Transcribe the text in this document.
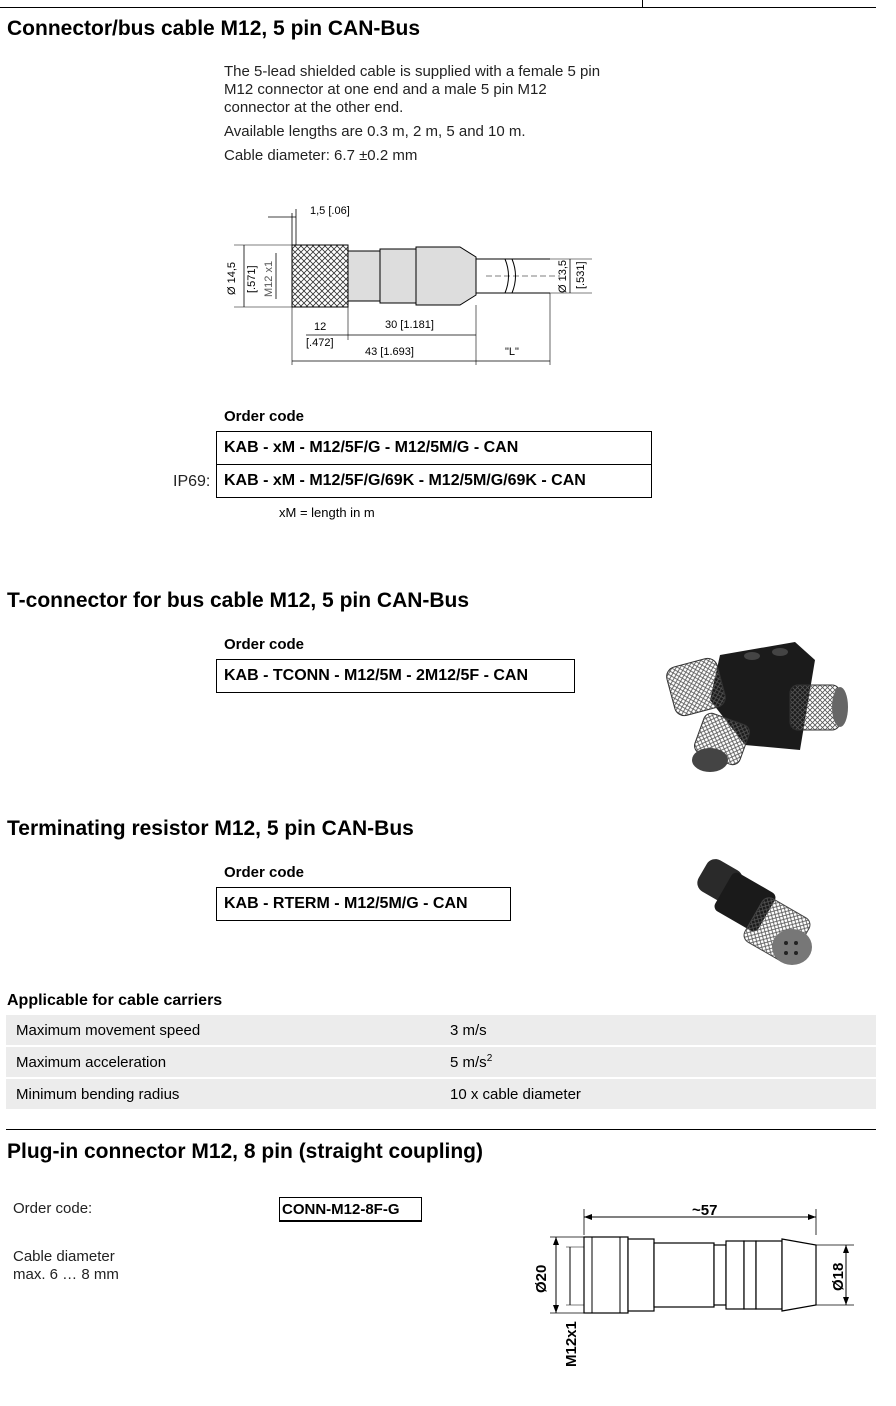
Connector/bus cable M12, 5 pin CAN-Bus
The 5-lead shielded cable is supplied with a female 5 pin
M12 connector at one end and a male 5 pin M12
connector at the other end.
Available lengths are 0.3 m, 2 m, 5 and 10 m.
Cable diameter: 6.7 ±0.2 mm
1,5 [.06]
Ø 14,5 [.571] M12 x1	Ø 13,5 [.531]
12
[.472]
30 [1.181]
43 [1.693]	"L"
Order code
KAB - xM - M12/5F/G - M12/5M/G - CAN
IP69: KAB - xM - M12/5F/G/69K - M12/5M/G/69K - CAN
xM = length in m
T-connector for bus cable M12, 5 pin CAN-Bus
Order code
KAB - TCONN - M12/5M - 2M12/5F - CAN
Terminating resistor M12, 5 pin CAN-Bus
Order code
KAB - RTERM - M12/5M/G - CAN
Applicable for cable carriers
Maximum movement speed	3 m/s
Maximum acceleration	5 $m/s^2$
Minimum bending radius	10 x cable diameter
Plug-in connector M12, 8 pin (straight coupling)
Order code:	CONN-M12-8F-G
Cable diameter
max. 6 … 8 mm
~57
Ø20
M12x1
Ø18
